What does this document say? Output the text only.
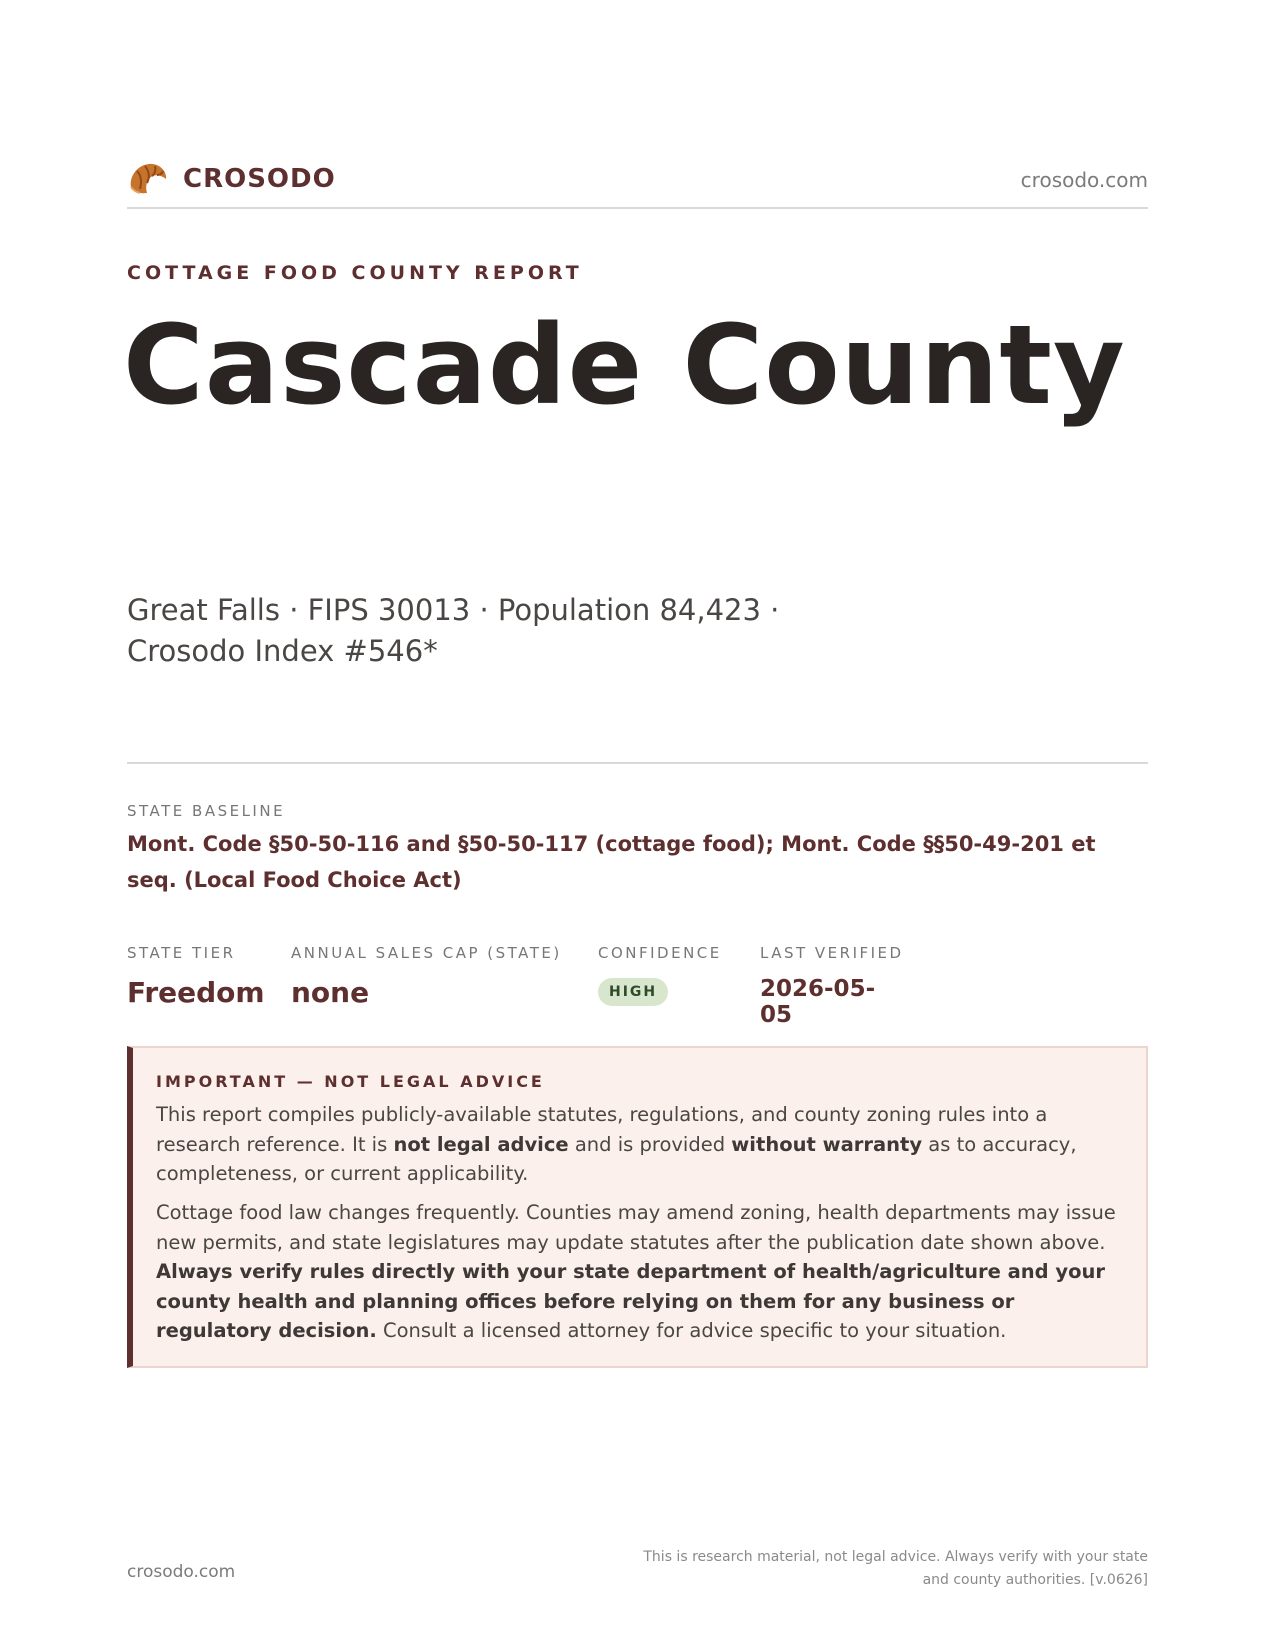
CROSODO	crosodo.com
COTTAGE FOOD COUNTY REPORT
Cascade County
Great Falls · FIPS 30013 · Population 84,423 · Crosodo Index #546*
STATE BASELINE
Mont. Code §50-50-116 and §50-50-117 (cottage food); Mont. Code §§50-49-201 et seq. (Local Food Choice Act)
STATE TIER
Freedom
ANNUAL SALES CAP (STATE)
none
CONFIDENCE
HIGH
LAST VERIFIED
2026-05-05
IMPORTANT — NOT LEGAL ADVICE

This report compiles publicly-available statutes, regulations, and county zoning rules into a research reference. It is not legal advice and is provided without warranty as to accuracy, completeness, or current applicability.

Cottage food law changes frequently. Counties may amend zoning, health departments may issue new permits, and state legislatures may update statutes after the publication date shown above. Always verify rules directly with your state department of health/agriculture and your county health and planning offices before relying on them for any business or regulatory decision. Consult a licensed attorney for advice specific to your situation.

crosodo.com
This is research material, not legal advice. Always verify with your state and county authorities. [v.0626]
